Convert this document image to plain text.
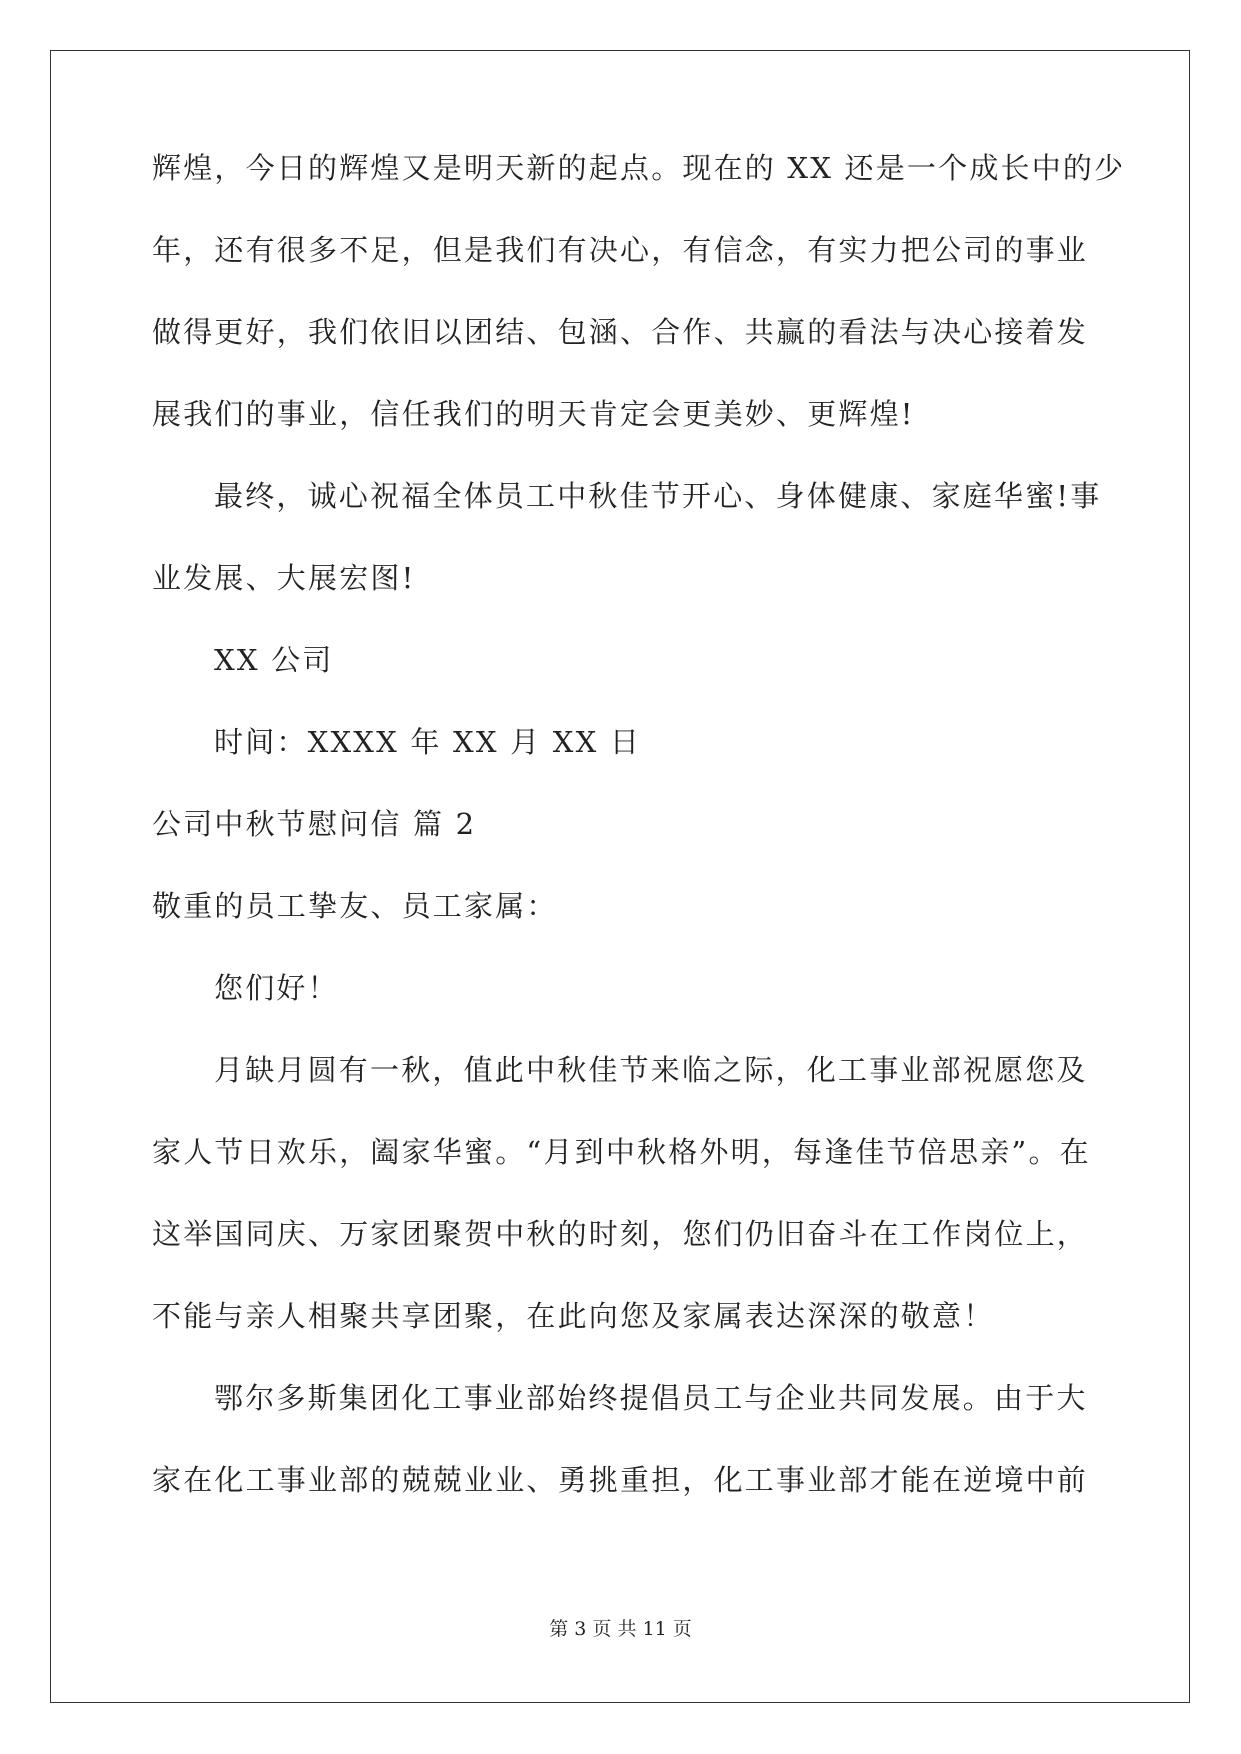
辉煌，今日的辉煌又是明天新的起点。现在的 XX 还是一个成长中的少
年，还有很多不足，但是我们有决心，有信念，有实力把公司的事业
做得更好，我们依旧以团结、包涵、合作、共赢的看法与决心接着发
展我们的事业，信任我们的明天肯定会更美妙、更辉煌!
最终，诚心祝福全体员工中秋佳节开心、身体健康、家庭华蜜!事
业发展、大展宏图!
XX 公司
时间：XXXX 年 XX 月 XX 日
公司中秋节慰问信 篇 2
敬重的员工挚友、员工家属：
您们好！
月缺月圆有一秋，值此中秋佳节来临之际，化工事业部祝愿您及
家人节日欢乐，阖家华蜜。“月到中秋格外明，每逢佳节倍思亲”。在
这举国同庆、万家团聚贺中秋的时刻，您们仍旧奋斗在工作岗位上，
不能与亲人相聚共享团聚，在此向您及家属表达深深的敬意！
鄂尔多斯集团化工事业部始终提倡员工与企业共同发展。由于大
家在化工事业部的兢兢业业、勇挑重担，化工事业部才能在逆境中前
第 3 页 共 11 页
